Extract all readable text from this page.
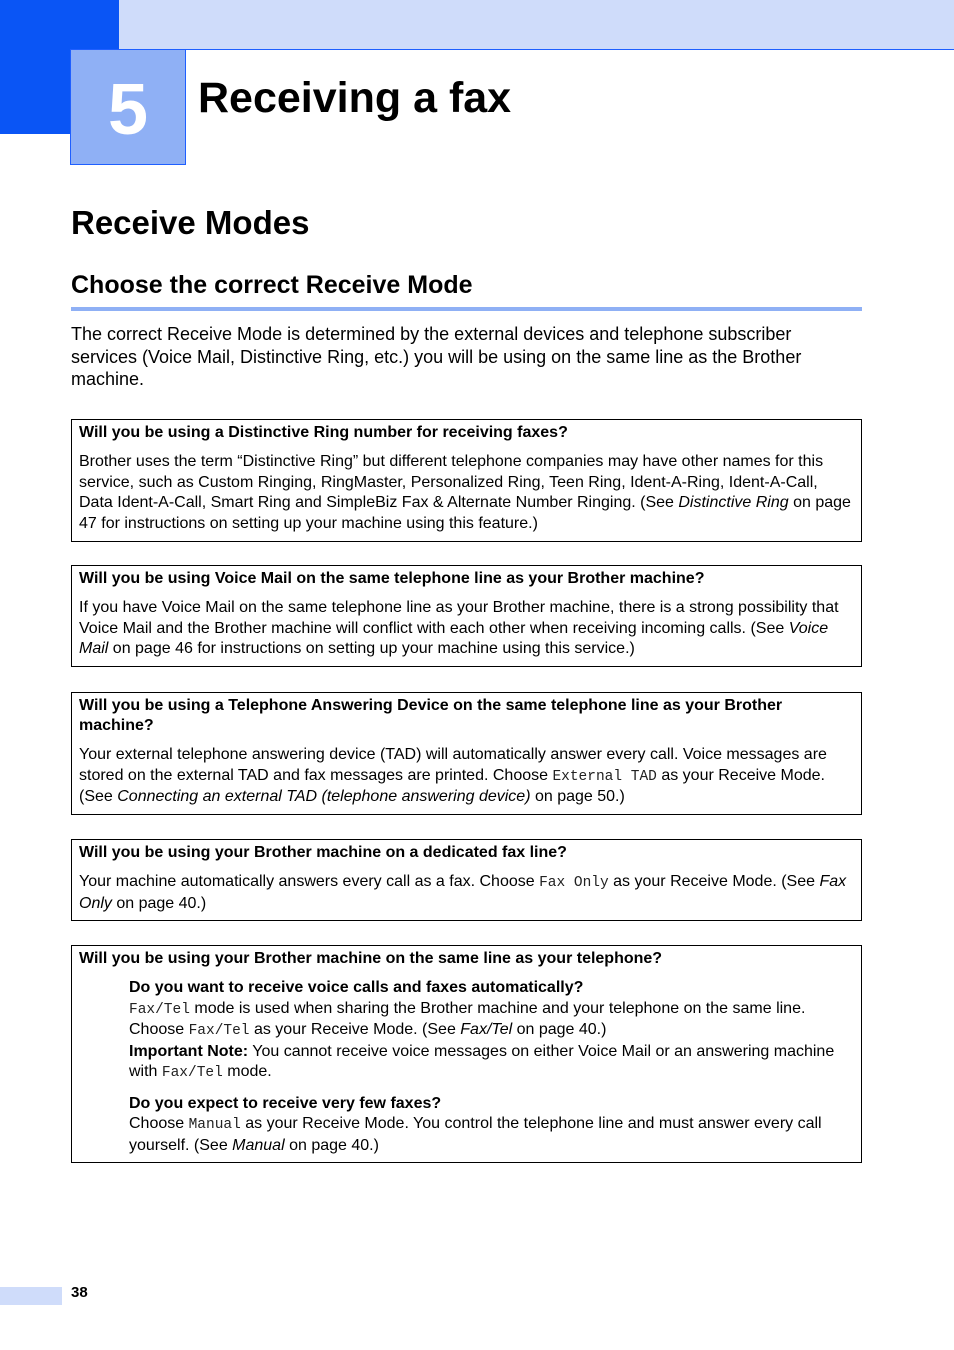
5 Receiving a fax
Receive Modes
Choose the correct Receive Mode

The correct Receive Mode is determined by the external devices and telephone subscriber services (Voice Mail, Distinctive Ring, etc.) you will be using on the same line as the Brother machine.

Will you be using a Distinctive Ring number for receiving faxes?

Brother uses the term “Distinctive Ring” but different telephone companies may have other names for this service, such as Custom Ringing, RingMaster, Personalized Ring, Teen Ring, Ident-A-Ring, Ident-A-Call, Data Ident-A-Call, Smart Ring and SimpleBiz Fax & Alternate Number Ringing. (See Distinctive Ring on page 47 for instructions on setting up your machine using this feature.)

Will you be using Voice Mail on the same telephone line as your Brother machine?

If you have Voice Mail on the same telephone line as your Brother machine, there is a strong possibility that Voice Mail and the Brother machine will conflict with each other when receiving incoming calls. (See Voice Mail on page 46 for instructions on setting up your machine using this service.)

Will you be using a Telephone Answering Device on the same telephone line as your Brother machine?

Your external telephone answering device (TAD) will automatically answer every call. Voice messages are stored on the external TAD and fax messages are printed. Choose External TAD as your Receive Mode. (See Connecting an external TAD (telephone answering device) on page 50.)

Will you be using your Brother machine on a dedicated fax line?

Your machine automatically answers every call as a fax. Choose Fax Only as your Receive Mode. (See Fax Only on page 40.)

Will you be using your Brother machine on the same line as your telephone?

Do you want to receive voice calls and faxes automatically?

Fax/Tel mode is used when sharing the Brother machine and your telephone on the same line. Choose Fax/Tel as your Receive Mode. (See Fax/Tel on page 40.)
Important Note: You cannot receive voice messages on either Voice Mail or an answering machine with Fax/Tel mode.

Do you expect to receive very few faxes?

Choose Manual as your Receive Mode. You control the telephone line and must answer every call yourself. (See Manual on page 40.)

38
